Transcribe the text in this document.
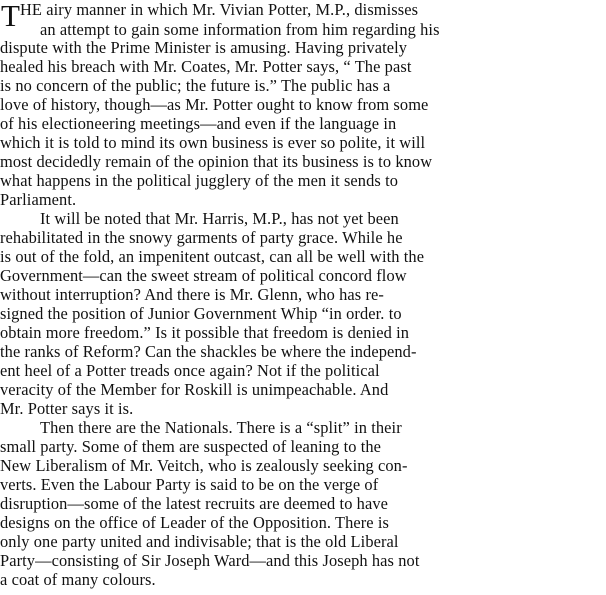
T HE airy manner in which Mr. Vivian Potter, M.P., dismisses
an attempt to gain some information from him regarding his
dispute with the Prime Minister is amusing. Having privately
healed his breach with Mr. Coates, Mr. Potter says, “ The past
is no concern of the public; the future is.” The public has a
love of history, though—as Mr. Potter ought to know from some
of his electioneering meetings—and even if the language in
which it is told to mind its own business is ever so polite, it will
most decidedly remain of the opinion that its business is to know
what happens in the political jugglery of the men it sends to
Parliament.
It will be noted that Mr. Harris, M.P., has not yet been
rehabilitated in the snowy garments of party grace. While he
is out of the fold, an impenitent outcast, can all be well with the
Government—can the sweet stream of political concord flow
without interruption? And there is Mr. Glenn, who has re-
signed the position of Junior Government Whip “in order. to
obtain more freedom.” Is it possible that freedom is denied in
the ranks of Reform? Can the shackles be where the independ-
ent heel of a Potter treads once again? Not if the political
veracity of the Member for Roskill is unimpeachable. And
Mr. Potter says it is.
Then there are the Nationals. There is a “split” in their
small party. Some of them are suspected of leaning to the
New Liberalism of Mr. Veitch, who is zealously seeking con-
verts. Even the Labour Party is said to be on the verge of
disruption—some of the latest recruits are deemed to have
designs on the office of Leader of the Opposition. There is
only one party united and indivisable; that is the old Liberal
Party—consisting of Sir Joseph Ward—and this Joseph has not
a coat of many colours.
